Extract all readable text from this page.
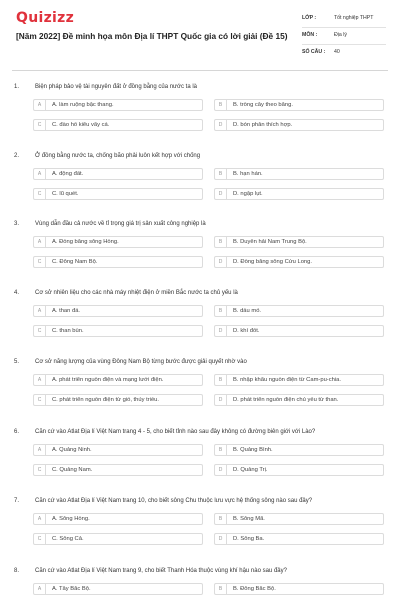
Quizizz
[Năm 2022] Đề minh họa môn Địa lí THPT Quốc gia có lời giải (Đề 15)
LỚP :	Tốt nghiệp THPT
MÔN :	Địa lý
SỐ CÂU :	40
1.	Biện pháp bảo vệ tài nguyên đất ở đồng bằng của nước ta là
A	A. làm ruộng bậc thang.	B	B. trồng cây theo băng.
C	C. đào hố kiểu vẩy cá.	D	D. bón phân thích hợp.
2.	Ở đồng bằng nước ta, chống bão phải luôn kết hợp với chống
A	A. động đất.	B	B. hạn hán.
C	C. lũ quét.	D	D. ngập lụt.
3.	Vùng dẫn đầu cả nước về tỉ trọng giá trị sản xuất công nghiệp là
A	A. Đồng bằng sông Hồng.	B	B. Duyên hải Nam Trung Bộ.
C	C. Đông Nam Bộ.	D	D. Đồng bằng sông Cửu Long.
4.	Cơ sở nhiên liệu cho các nhà máy nhiệt điện ở miền Bắc nước ta chủ yếu là
A	A. than đá.	B	B. dầu mỏ.
C	C. than bùn.	D	D. khí đốt.
5.	Cơ sở năng lượng của vùng Đông Nam Bộ từng bước được giải quyết nhờ vào
A	A. phát triển nguồn điện và mạng lưới điện.	B	B. nhập khẩu nguồn điện từ Cam-pu-chia.
C	C. phát triển nguồn điện từ gió, thủy triều.	D	D. phát triển nguồn điện chủ yếu từ than.
6.	Căn cứ vào Atlat Địa lí Việt Nam trang 4 - 5, cho biết tỉnh nào sau đây không có đường biên giới với Lào?
A	A. Quảng Ninh.	B	B. Quảng Bình.
C	C. Quảng Nam.	D	D. Quảng Trị.
7.	Căn cứ vào Atlat Địa lí Việt Nam trang 10, cho biết sông Chu thuộc lưu vực hệ thống sông nào sau đây?
A	A. Sông Hồng.	B	B. Sông Mã.
C	C. Sông Cả.	D	D. Sông Ba.
8.	Căn cứ vào Atlat Địa lí Việt Nam trang 9, cho biết Thanh Hóa thuộc vùng khí hậu nào sau đây?
A	A. Tây Bắc Bộ.	B	B. Đông Bắc Bộ.
